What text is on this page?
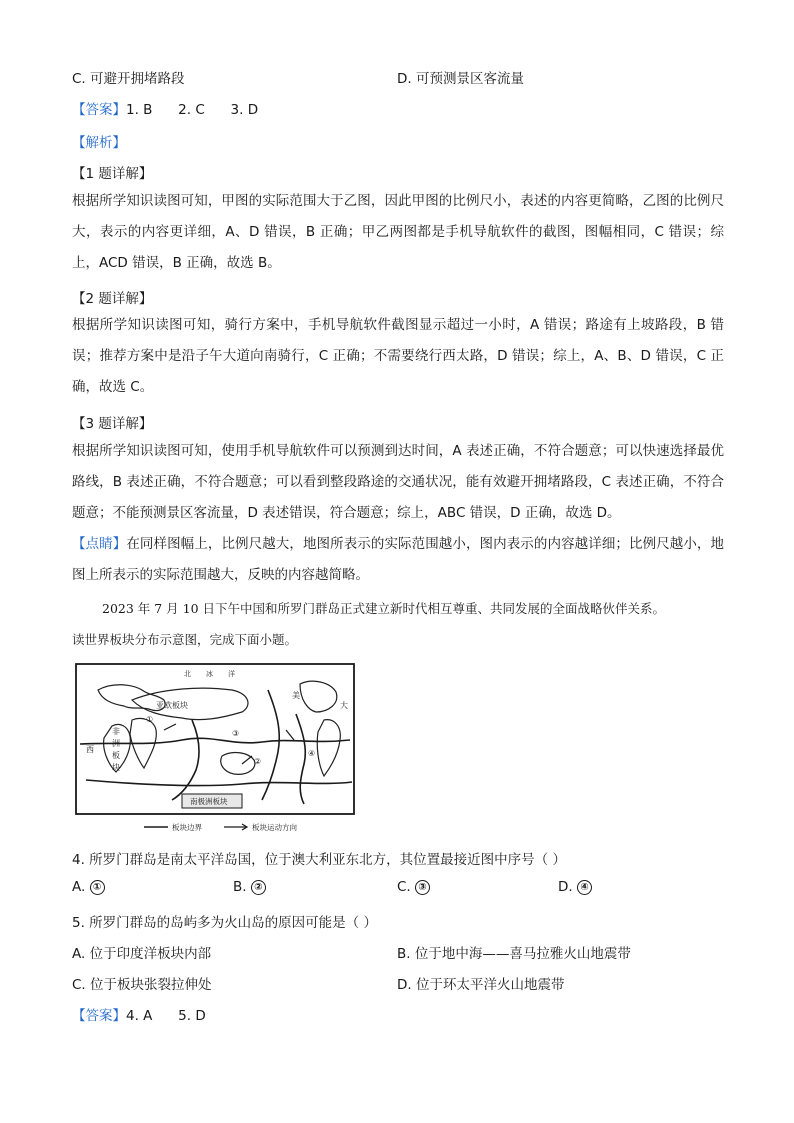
C. 可避开拥堵路段	D. 可预测景区客流量
【答案】1. B      2. C      3. D
【解析】
【1 题详解】
根据所学知识读图可知，甲图的实际范围大于乙图，因此甲图的比例尺小，表述的内容更简略，乙图的比例尺大，表示的内容更详细，A、D 错误，B 正确；甲乙两图都是手机导航软件的截图，图幅相同，C 错误；综上，ACD 错误，B 正确，故选 B。
【2 题详解】
根据所学知识读图可知，骑行方案中，手机导航软件截图显示超过一小时，A 错误；路途有上坡路段，B 错误；推荐方案中是沿子午大道向南骑行，C 正确；不需要绕行西太路，D 错误；综上，A、B、D 错误，C 正确，故选 C。
【3 题详解】
根据所学知识读图可知，使用手机导航软件可以预测到达时间，A 表述正确，不符合题意；可以快速选择最优路线，B 表述正确，不符合题意；可以看到整段路途的交通状况，能有效避开拥堵路段，C 表述正确，不符合题意；不能预测景区客流量，D 表述错误，符合题意；综上，ABC 错误，D 正确，故选 D。
【点睛】在同样图幅上，比例尺越大，地图所表示的实际范围越小，图内表示的内容越详细；比例尺越小，地图上所表示的实际范围越大，反映的内容越简略。
2023 年 7 月 10 日下午中国和所罗门群岛正式建立新时代相互尊重、共同发展的全面战略伙伴关系。
读世界板块分布示意图，完成下面小题。
北 冰 洋
亚欧板块
非
洲
板
块
西
美
大
南极洲板块
①
②
③
④
板块边界	板块运动方向
4. 所罗门群岛是南太平洋岛国，位于澳大利亚东北方，其位置最接近图中序号（ ）
A. ①	B. ②	C. ③	D. ④
5. 所罗门群岛的岛屿多为火山岛的原因可能是（ ）
A. 位于印度洋板块内部	B. 位于地中海——喜马拉雅火山地震带
C. 位于板块张裂拉伸处	D. 位于环太平洋火山地震带
【答案】4. A      5. D
